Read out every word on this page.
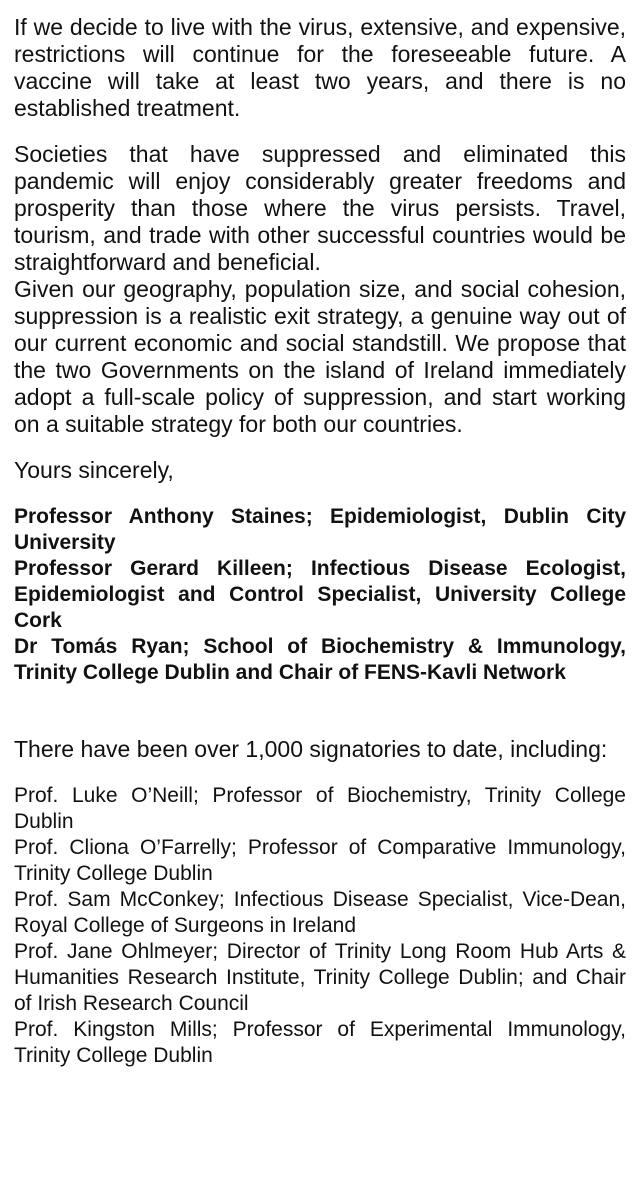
If we decide to live with the virus, extensive, and expensive, restrictions will continue for the foreseeable future. A vaccine will take at least two years, and there is no established treatment.

Societies that have suppressed and eliminated this pandemic will enjoy considerably greater freedoms and prosperity than those where the virus persists. Travel, tourism, and trade with other successful countries would be straightforward and beneficial.

Given our geography, population size, and social cohesion, suppression is a realistic exit strategy, a genuine way out of our current economic and social standstill. We propose that the two Governments on the island of Ireland immediately adopt a full-scale policy of suppression, and start working on a suitable strategy for both our countries.

Yours sincerely,

Professor Anthony Staines; Epidemiologist, Dublin City University

Professor Gerard Killeen; Infectious Disease Ecologist, Epidemiologist and Control Specialist, University College Cork

Dr Tomás Ryan; School of Biochemistry & Immunology, Trinity College Dublin and Chair of FENS-Kavli Network

There have been over 1,000 signatories to date, including:

Prof. Luke O’Neill; Professor of Biochemistry, Trinity College Dublin

Prof. Cliona O’Farrelly; Professor of Comparative Immunology, Trinity College Dublin

Prof. Sam McConkey; Infectious Disease Specialist, Vice-Dean, Royal College of Surgeons in Ireland

Prof. Jane Ohlmeyer; Director of Trinity Long Room Hub Arts & Humanities Research Institute, Trinity College Dublin; and Chair of Irish Research Council

Prof. Kingston Mills; Professor of Experimental Immunology, Trinity College Dublin
